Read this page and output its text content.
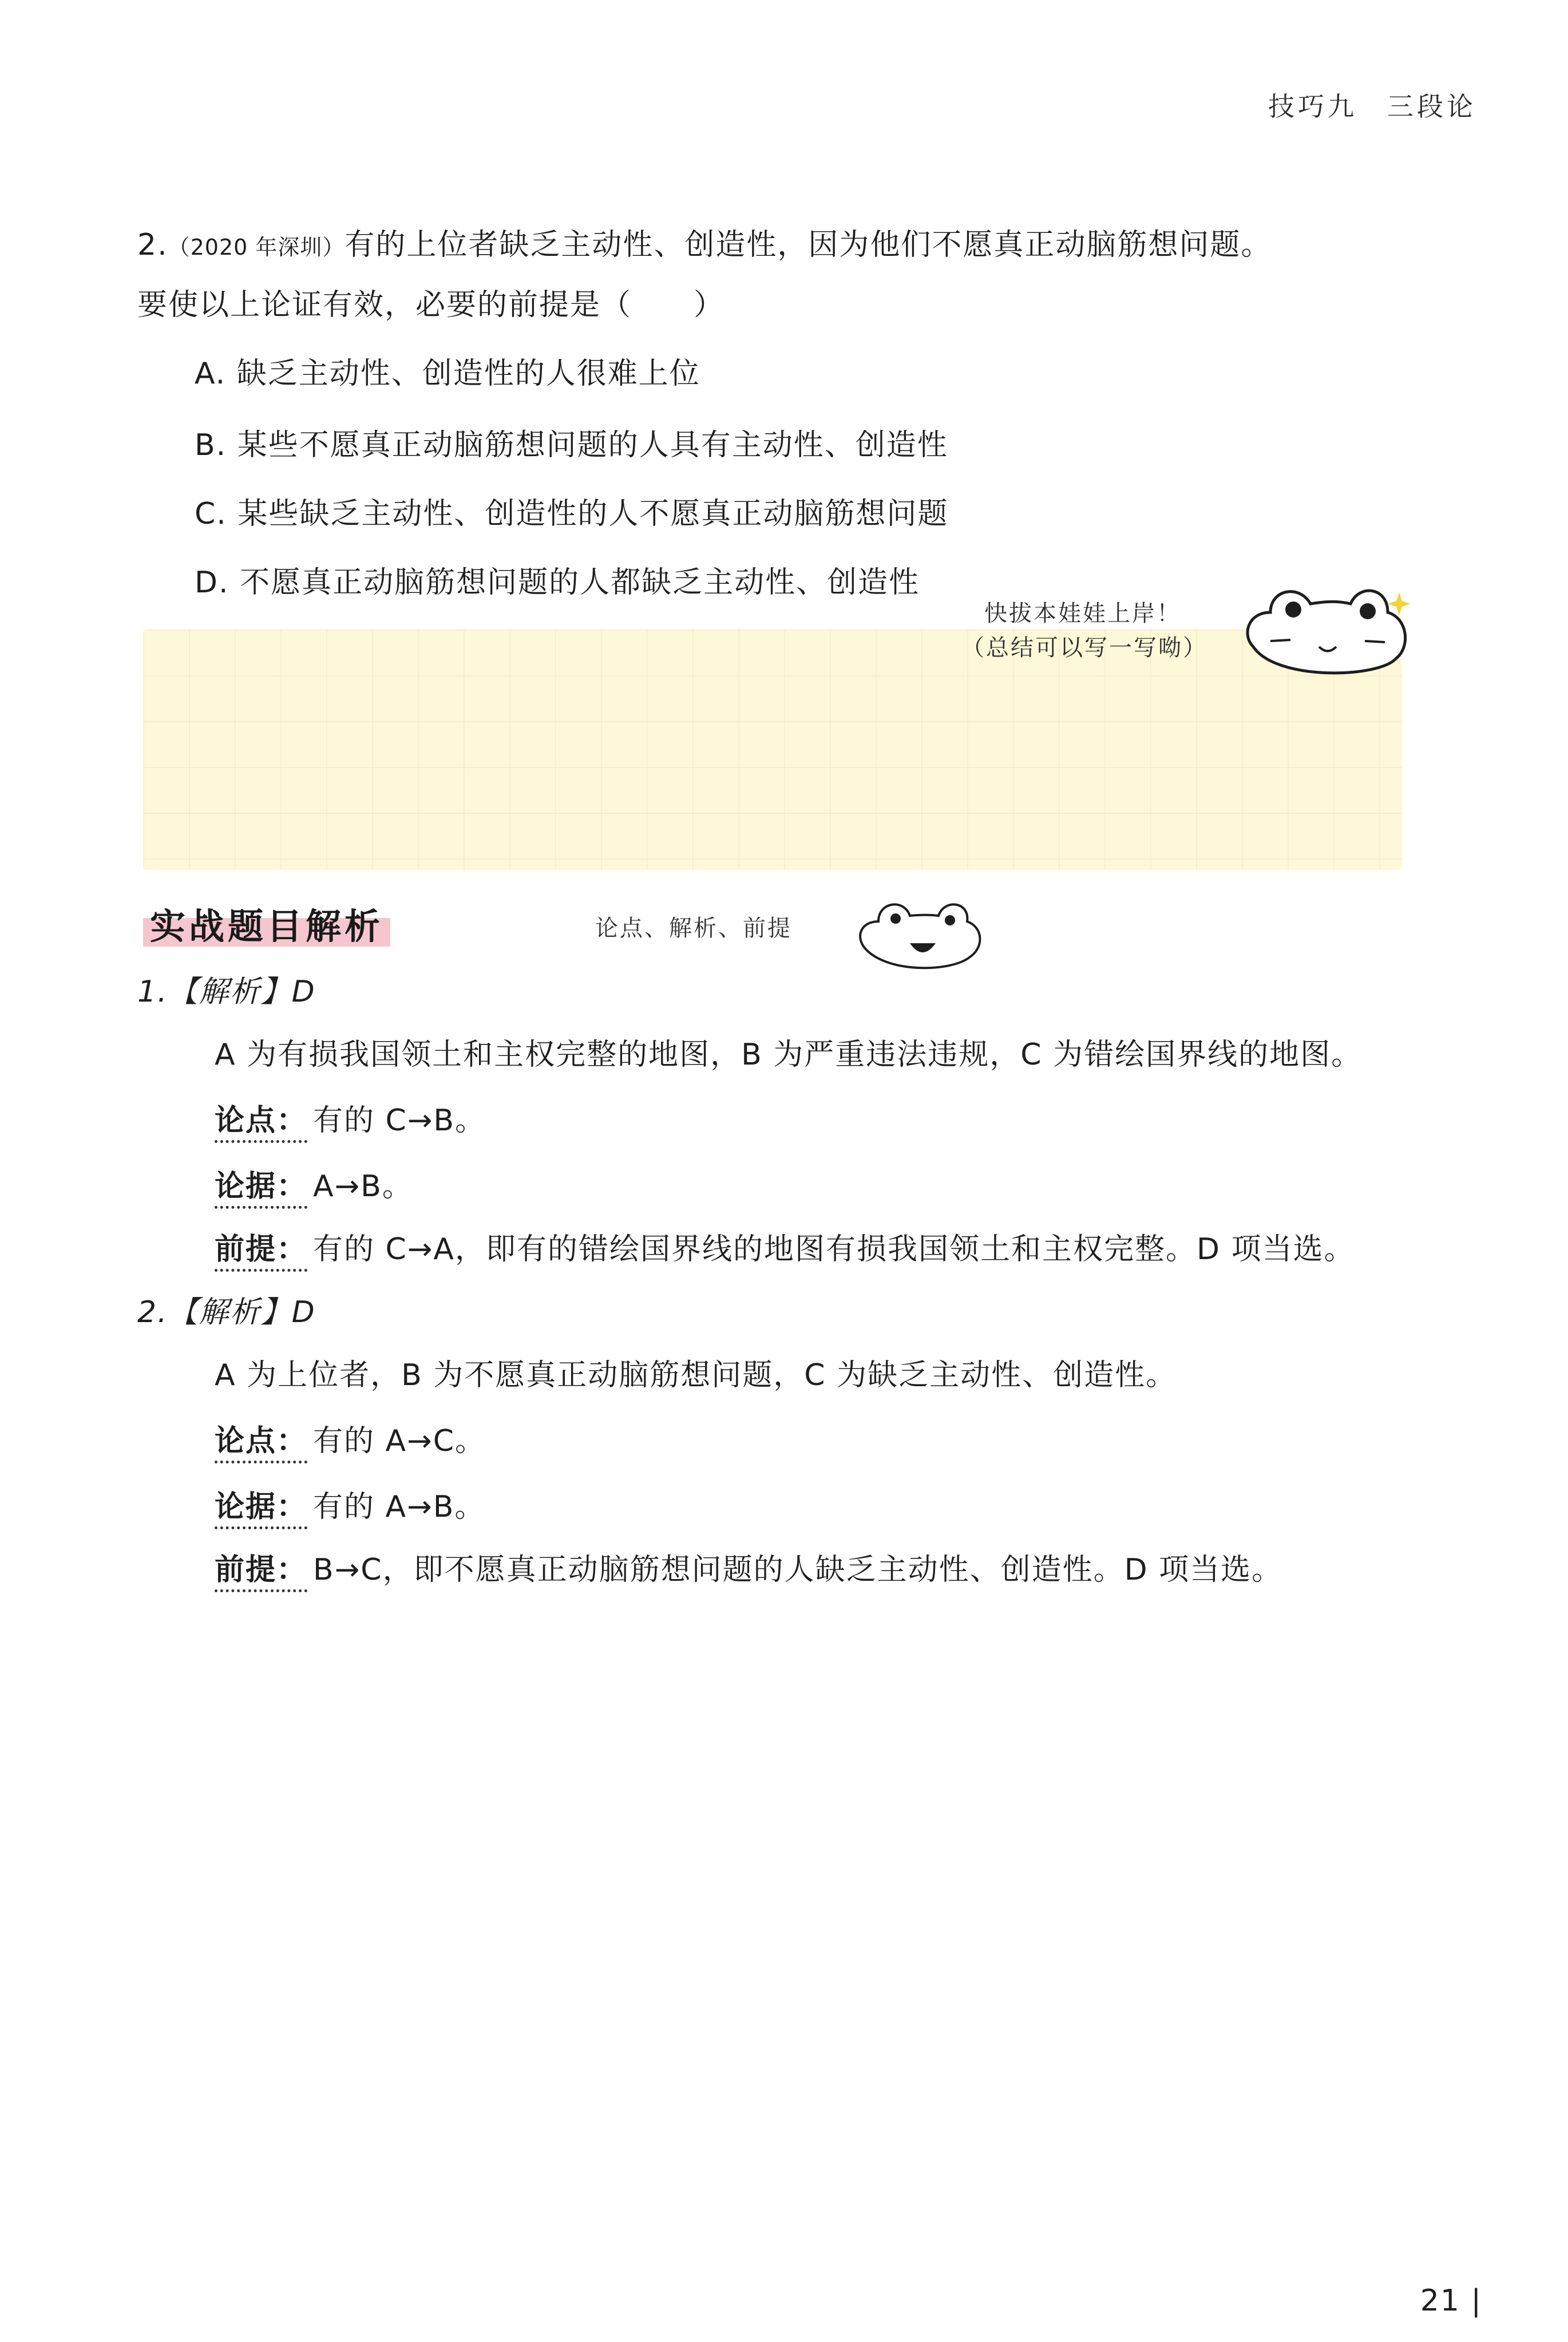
技巧九　三段论
2.（2020 年深圳）有的上位者缺乏主动性、创造性，因为他们不愿真正动脑筋想问题。
要使以上论证有效，必要的前提是（　　）
A. 缺乏主动性、创造性的人很难上位
B. 某些不愿真正动脑筋想问题的人具有主动性、创造性
C. 某些缺乏主动性、创造性的人不愿真正动脑筋想问题
D. 不愿真正动脑筋想问题的人都缺乏主动性、创造性
快拔本娃娃上岸！
（总结可以写一写呦）
实战题目解析	论点、解析、前提
1.【解析】D
A 为有损我国领土和主权完整的地图，B 为严重违法违规，C 为错绘国界线的地图。
论点： 有的 C→B。
论据： A→B。
前提： 有的 C→A，即有的错绘国界线的地图有损我国领土和主权完整。D 项当选。
2.【解析】D
A 为上位者，B 为不愿真正动脑筋想问题，C 为缺乏主动性、创造性。
论点： 有的 A→C。
论据： 有的 A→B。
前提： B→C，即不愿真正动脑筋想问题的人缺乏主动性、创造性。D 项当选。
21 |
